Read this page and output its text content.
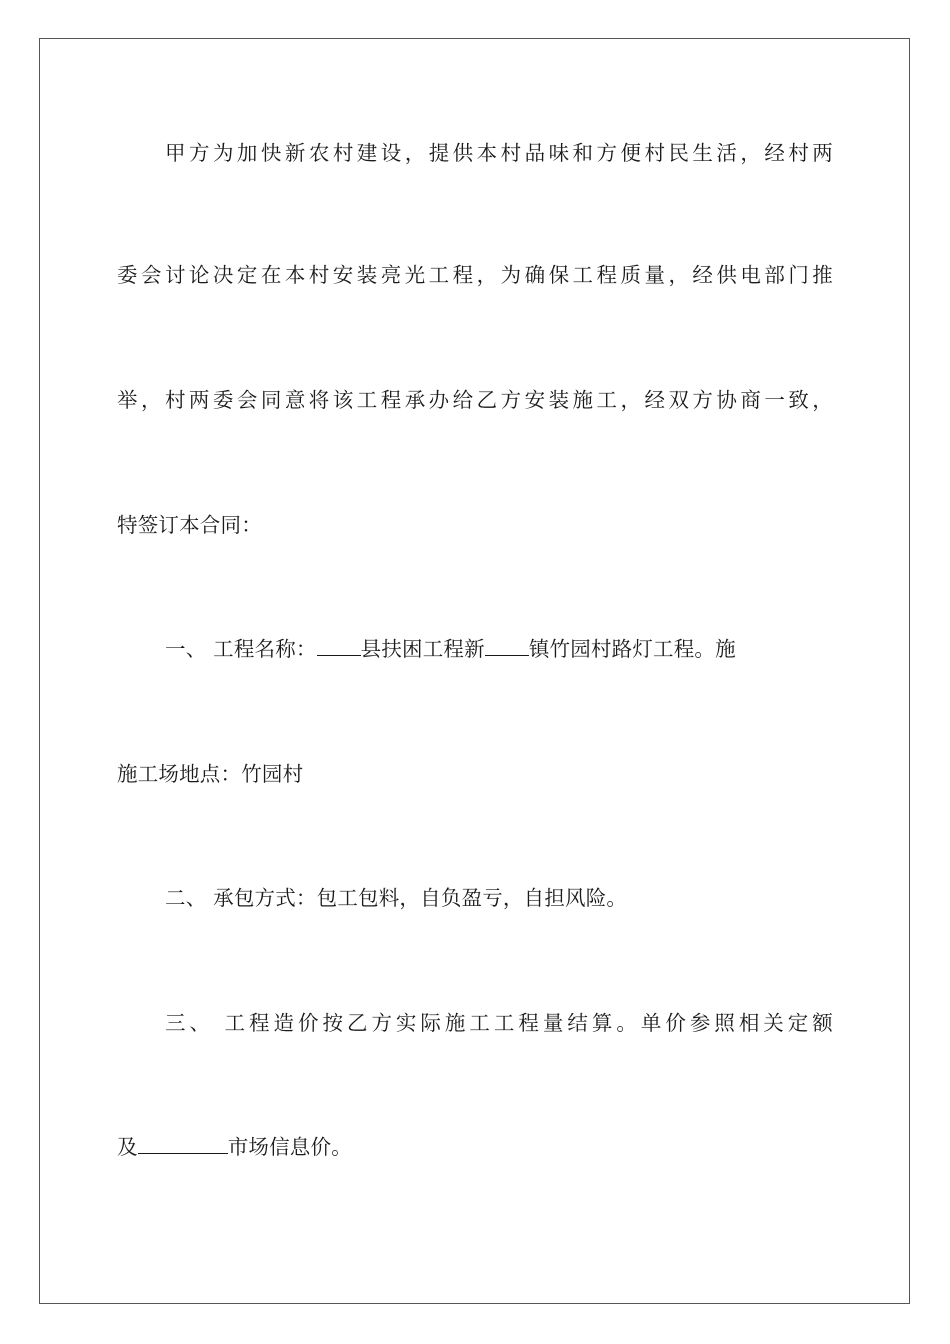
甲方为加快新农村建设，提供本村品味和方便村民生活，经村两
委会讨论决定在本村安装亮光工程，为确保工程质量，经供电部门推
举，村两委会同意将该工程承办给乙方安装施工，经双方协商一致，
特签订本合同：
一、 工程名称： 县扶困工程新 镇竹园村路灯工程。施
施工场地点：竹园村
二、 承包方式：包工包料，自负盈亏，自担风险。
三、 工程造价按乙方实际施工工程量结算。单价参照相关定额
及	市场信息价。
